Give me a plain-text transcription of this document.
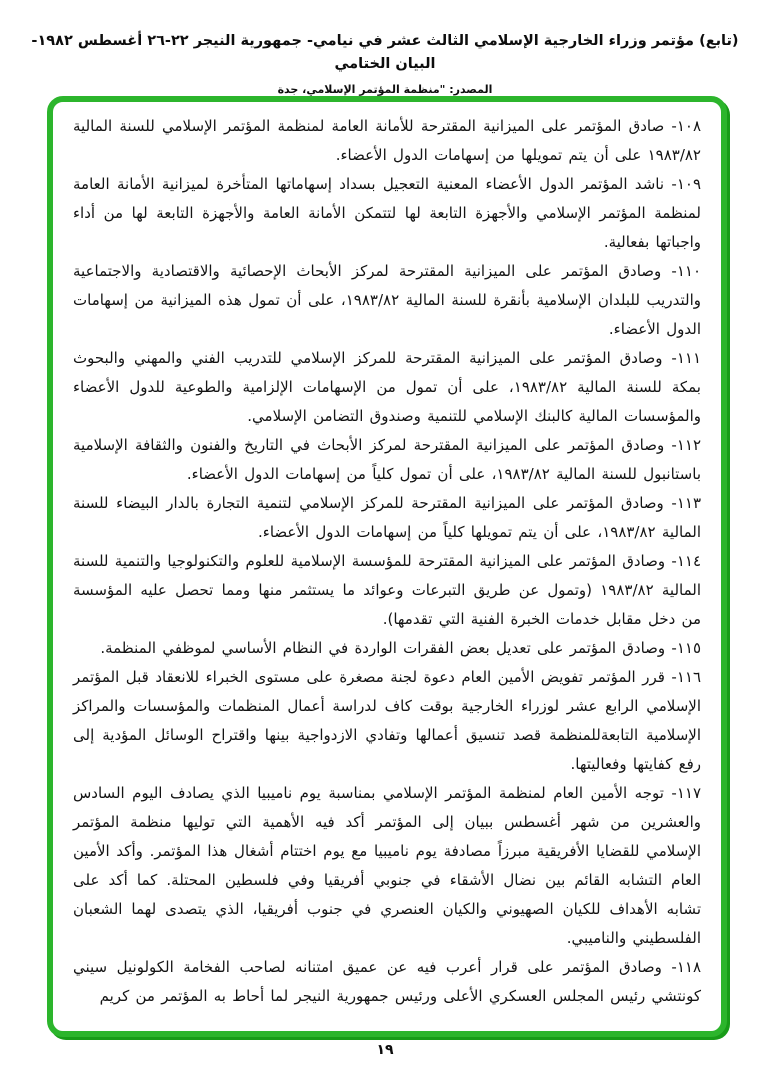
(تابع) مؤتمر وزراء الخارجية الإسلامي الثالث عشر في نيامي- جمهورية النيجر ٢٢-٢٦ أغسطس ١٩٨٢- البيان الختامي
المصدر: "منظمة المؤتمر الإسلامي، جدة

١٠٨- صادق المؤتمر على الميزانية المقترحة للأمانة العامة لمنظمة المؤتمر الإسلامي للسنة المالية ١٩٨٣/٨٢ على أن يتم تمويلها من إسهامات الدول الأعضاء.

١٠٩- ناشد المؤتمر الدول الأعضاء المعنية التعجيل بسداد إسهاماتها المتأخرة لميزانية الأمانة العامة لمنظمة المؤتمر الإسلامي والأجهزة التابعة لها لتتمكن الأمانة العامة والأجهزة التابعة لها من أداء واجباتها بفعالية.

١١٠- وصادق المؤتمر على الميزانية المقترحة لمركز الأبحاث الإحصائية والاقتصادية والاجتماعية والتدريب للبلدان الإسلامية بأنقرة للسنة المالية ١٩٨٣/٨٢، على أن تمول هذه الميزانية من إسهامات الدول الأعضاء.

١١١- وصادق المؤتمر على الميزانية المقترحة للمركز الإسلامي للتدريب الفني والمهني والبحوث بمكة للسنة المالية ١٩٨٣/٨٢، على أن تمول من الإسهامات الإلزامية والطوعية للدول الأعضاء والمؤسسات المالية كالبنك الإسلامي للتنمية وصندوق التضامن الإسلامي.

١١٢- وصادق المؤتمر على الميزانية المقترحة لمركز الأبحاث في التاريخ والفنون والثقافة الإسلامية باستانبول للسنة المالية ١٩٨٣/٨٢، على أن تمول كلياً من إسهامات الدول الأعضاء.

١١٣- وصادق المؤتمر على الميزانية المقترحة للمركز الإسلامي لتنمية التجارة بالدار البيضاء للسنة المالية ١٩٨٣/٨٢، على أن يتم تمويلها كلياً من إسهامات الدول الأعضاء.

١١٤- وصادق المؤتمر على الميزانية المقترحة للمؤسسة الإسلامية للعلوم والتكنولوجيا والتنمية للسنة المالية ١٩٨٣/٨٢ (وتمول عن طريق التبرعات وعوائد ما يستثمر منها ومما تحصل عليه المؤسسة من دخل مقابل خدمات الخبرة الفنية التي تقدمها).

١١٥- وصادق المؤتمر على تعديل بعض الفقرات الواردة في النظام الأساسي لموظفي المنظمة.

١١٦- قرر المؤتمر تفويض الأمين العام دعوة لجنة مصغرة على مستوى الخبراء للانعقاد قبل المؤتمر الإسلامي الرابع عشر لوزراء الخارجية بوقت كاف لدراسة أعمال المنظمات والمؤسسات والمراكز الإسلامية التابعةللمنظمة قصد تنسيق أعمالها وتفادي الازدواجية بينها واقتراح الوسائل المؤدية إلى رفع كفايتها وفعاليتها.

١١٧- توجه الأمين العام لمنظمة المؤتمر الإسلامي بمناسبة يوم ناميبيا الذي يصادف اليوم السادس والعشرين من شهر أغسطس ببيان إلى المؤتمر أكد فيه الأهمية التي توليها منظمة المؤتمر الإسلامي للقضايا الأفريقية مبرزاً مصادفة يوم ناميبيا مع يوم اختتام أشغال هذا المؤتمر. وأكد الأمين العام التشابه القائم بين نضال الأشقاء في جنوبي أفريقيا وفي فلسطين المحتلة. كما أكد على تشابه الأهداف للكيان الصهيوني والكيان العنصري في جنوب أفريقيا، الذي يتصدى لهما الشعبان الفلسطيني والناميبي.

١١٨- وصادق المؤتمر على قرار أعرب فيه عن عميق امتنانه لصاحب الفخامة الكولونيل سيني كونتشي رئيس المجلس العسكري الأعلى ورئيس جمهورية النيجر لما أحاط به المؤتمر من كريم

١٩
